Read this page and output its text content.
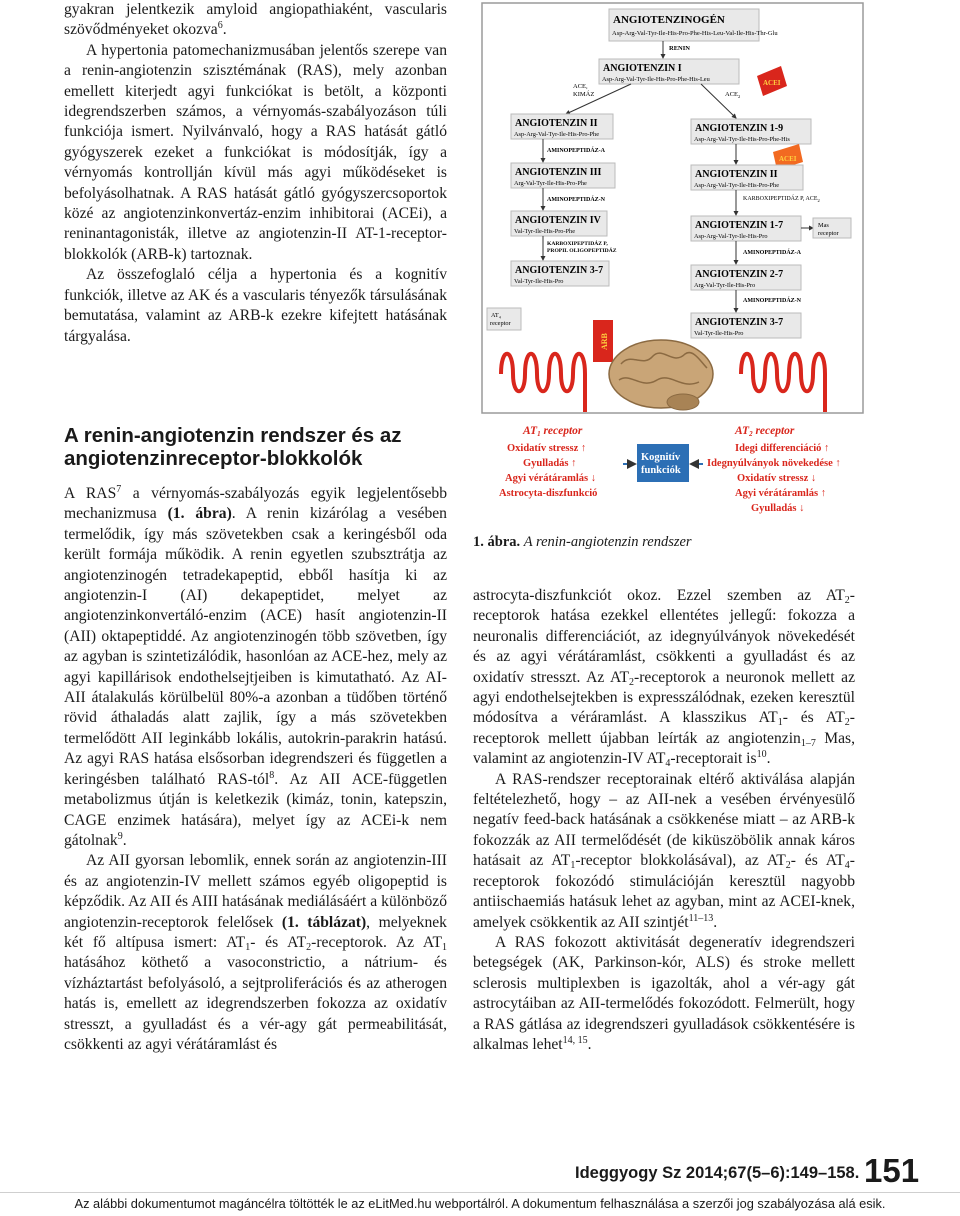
gyakran jelentkezik amyloid angiopathiaként, vascularis szövődményeket okozva$^6$.

A hypertonia patomechanizmusában jelentős szerepe van a renin-angiotenzin szisztémának (RAS), mely azonban emellett kiterjedt agyi funkciókat is betölt, a központi idegrendszerben számos, a vérnyomás-szabályozáson túli funkciója ismert. Nyilvánvaló, hogy a RAS hatását gátló gyógyszerek ezeket a funkciókat is módosítják, így a vérnyomás kontrollján kívül más agyi működéseket is befolyásolhatnak. A RAS hatását gátló gyógyszercsoportok közé az angiotenzinkonvertáz-enzim inhibitorai (ACEi), a reninantagonisták, illetve az angiotenzin-II AT-1-receptor-blokkolók (ARB-k) tartoznak.

Az összefoglaló célja a hypertonia és a kognitív funkciók, illetve az AK és a vascularis tényezők társulásának bemutatása, valamint az ARB-k ezekre kifejtett hatásának tárgyalása.

A renin-angiotenzin rendszer és az angiotenzinreceptor-blokkolók

A RAS$^7$ a vérnyomás-szabályozás egyik legjelentősebb mechanizmusa (1. ábra). A renin kizárólag a vesében termelődik, így más szövetekben csak a keringésből oda került formája működik. A renin egyetlen szubsztrátja az angiotenzinogén tetradekapeptid, ebből hasítja ki az angiotenzin-I (AI) dekapeptidet, melyet az angiotenzinkonvertáló-enzim (ACE) hasít angiotenzin-II (AII) oktapeptiddé. Az angiotenzinogén több szövetben, így az agyban is szintetizálódik, hasonlóan az ACE-hez, mely az agyi kapillárisok endothelsejtjeiben is kimutatható. Az AI-AII átalakulás körülbelül 80%-a azonban a tüdőben történő rövid áthaladás alatt zajlik, így a más szövetekben termelődött AII leginkább lokális, autokrin-parakrin hatású. Az agyi RAS hatása elsősorban idegrendszeri és független a keringésben található RAS-tól$^8$. Az AII ACE-független metabolizmus útján is keletkezik (kimáz, tonin, katepszin, CAGE enzimek hatására), melyet így az ACEi-k nem gátolnak$^9$.

Az AII gyorsan lebomlik, ennek során az angiotenzin-III és az angiotenzin-IV mellett számos egyéb oligopeptid is képződik. Az AII és AIII hatásának mediálásáért a különböző angiotenzin-receptorok felelősek (1. táblázat), melyeknek két fő altípusa ismert: $AT_1-$ és $AT_2$-receptorok. Az $AT_1$ hatásához köthető a vasoconstrictio, a nátrium- és vízháztartást befolyásoló, a sejtproliferációs és az atherogen hatás is, emellett az idegrendszerben fokozza az oxidatív stresszt, a gyulladást és a vér-agy gát permeabilitását, csökkenti az agyi vérátáramlást és

ANGIOTENZINOGÉN
Asp-Arg-Val-Tyr-Ile-His-Pro-Phe-His-Leu-Val-Ile-His-Thr-Glu
RENIN
ANGIOTENZIN I
Asp-Arg-Val-Tyr-Ile-His-Pro-Phe-His-Leu
ACE, KIMÁZ	$ACE_2$
ACEI
ANGIOTENZIN II
Asp-Arg-Val-Tyr-Ile-His-Pro-Phe
AMINOPEPTIDÁZ-A
ANGIOTENZIN 1-9
Asp-Arg-Val-Tyr-Ile-His-Pro-Phe-His
ACEI
ANGIOTENZIN III
Arg-Val-Tyr-Ile-His-Pro-Phe
AMINOPEPTIDÁZ-N
ANGIOTENZIN II
Asp-Arg-Val-Tyr-Ile-His-Pro-Phe
KARBOXIPEPTIDÁZ P, $ACE_2$
ANGIOTENZIN IV
Val-Tyr-Ile-His-Pro-Phe
KARBOXIPEPTIDÁZ P, PROPIL OLIGOPEPTIDÁZ
ANGIOTENZIN 1-7
Asp-Arg-Val-Tyr-Ile-His-Pro
Mas receptor
AMINOPEPTIDÁZ-A
ANGIOTENZIN 3-7
Val-Tyr-Ile-His-Pro
ANGIOTENZIN 2-7
Arg-Val-Tyr-Ile-His-Pro
AMINOPEPTIDÁZ-N
ANGIOTENZIN 3-7
Val-Tyr-Ile-His-Pro
AT₄ receptor
ARB
AT1 receptor
Oxidatív stressz ↑
Gyulladás ↑
Agyi vérátáramlás ↓
Astrocyta-diszfunkció
Kognitív funkciók
AT2 receptor
Idegi differenciáció ↑
Idegnyúlványok növekedése ↑
Oxidatív stressz ↓
Agyi vérátáramlás ↑
Gyulladás ↓
1. ábra. A renin-angiotenzin rendszer

astrocyta-diszfunkciót okoz. Ezzel szemben az $AT_2$-receptorok hatása ezekkel ellentétes jellegű: fokozza a neuronalis differenciációt, az idegnyúlványok növekedését és az agyi vérátáramlást, csökkenti a gyulladást és az oxidatív stresszt. Az $AT_2$-receptorok a neuronok mellett az agyi endothelsejtekben is expresszálódnak, ezeken keresztül módosítva a véráramlást. A klasszikus $AT_1-$ és $AT_2$-receptorok mellett újabban leírták az angiotenzin$_{1-7}$ Mas, valamint az angiotenzin-IV $AT_4$-receptorait $is^{10}$.

A RAS-rendszer receptorainak eltérő aktiválása alapján feltételezhető, hogy – az AII-nek a vesében érvényesülő negatív feed-back hatásának a csökkenése miatt – az ARB-k fokozzák az AII termelődését (de kiküszöbölik annak káros hatásait az $AT_1$-receptor blokkolásával), az $AT_2-$ és $AT_4$-receptorok fokozódó stimulációján keresztül nagyobb antiischaemiás hatásuk lehet az agyban, mint az ACEI-knek, amelyek csökkentik az AII szintjét$^{11-13}$.

A RAS fokozott aktivitását degeneratív idegrendszeri betegségek (AK, Parkinson-kór, ALS) és stroke mellett sclerosis multiplexben is igazolták, ahol a vér-agy gát astrocytáiban az AII-termelődés fokozódott. Felmerült, hogy a RAS gátlása az idegrendszeri gyulladások csökkentésére is alkalmas lehet$^{14, 15}$.

Ideggyogy Sz 2014;67(5–6):149–158. 151
Az alábbi dokumentumot magáncélra töltötték le az eLitMed.hu webportálról. A dokumentum felhasználása a szerzői jog szabályozása alá esik.
